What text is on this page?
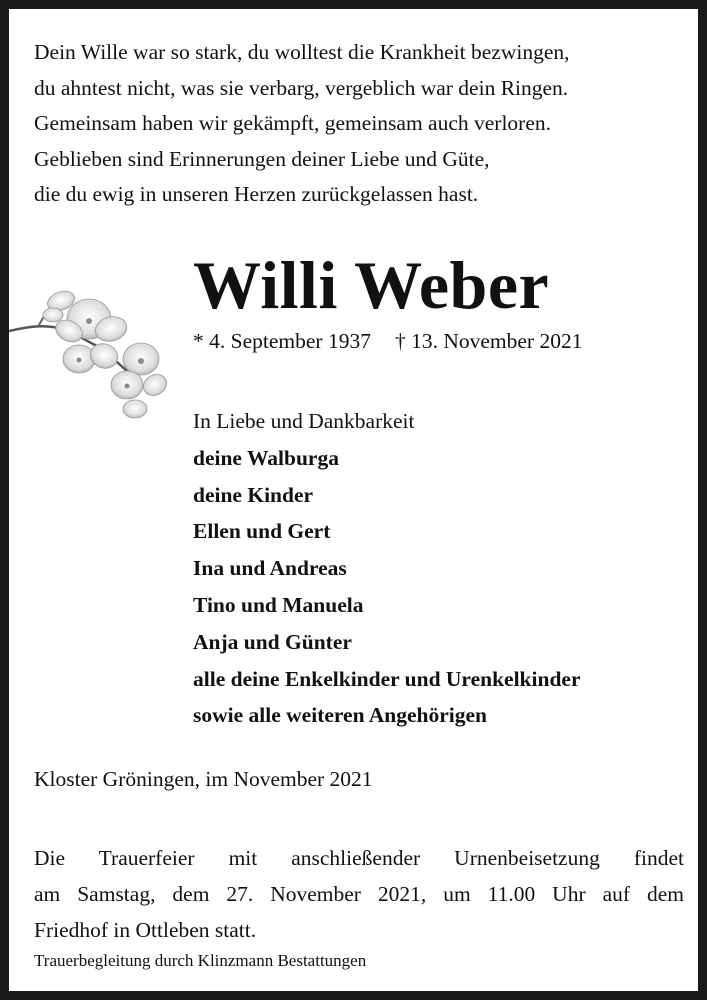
Dein Wille war so stark, du wolltest die Krankheit bezwingen,
du ahntest nicht, was sie verbarg, vergeblich war dein Ringen.
Gemeinsam haben wir gekämpft, gemeinsam auch verloren.
Geblieben sind Erinnerungen deiner Liebe und Güte,
die du ewig in unseren Herzen zurückgelassen hast.
Willi Weber
* 4. September 1937 † 13. November 2021
In Liebe und Dankbarkeit
deine Walburga
deine Kinder
Ellen und Gert
Ina und Andreas
Tino und Manuela
Anja und Günter
alle deine Enkelkinder und Urenkelkinder
sowie alle weiteren Angehörigen
Kloster Gröningen, im November 2021
Die Trauerfeier mit anschließender Urnenbeisetzung findet
am Samstag, dem 27. November 2021, um 11.00 Uhr auf dem
Friedhof in Ottleben statt.
Trauerbegleitung durch Klinzmann Bestattungen
